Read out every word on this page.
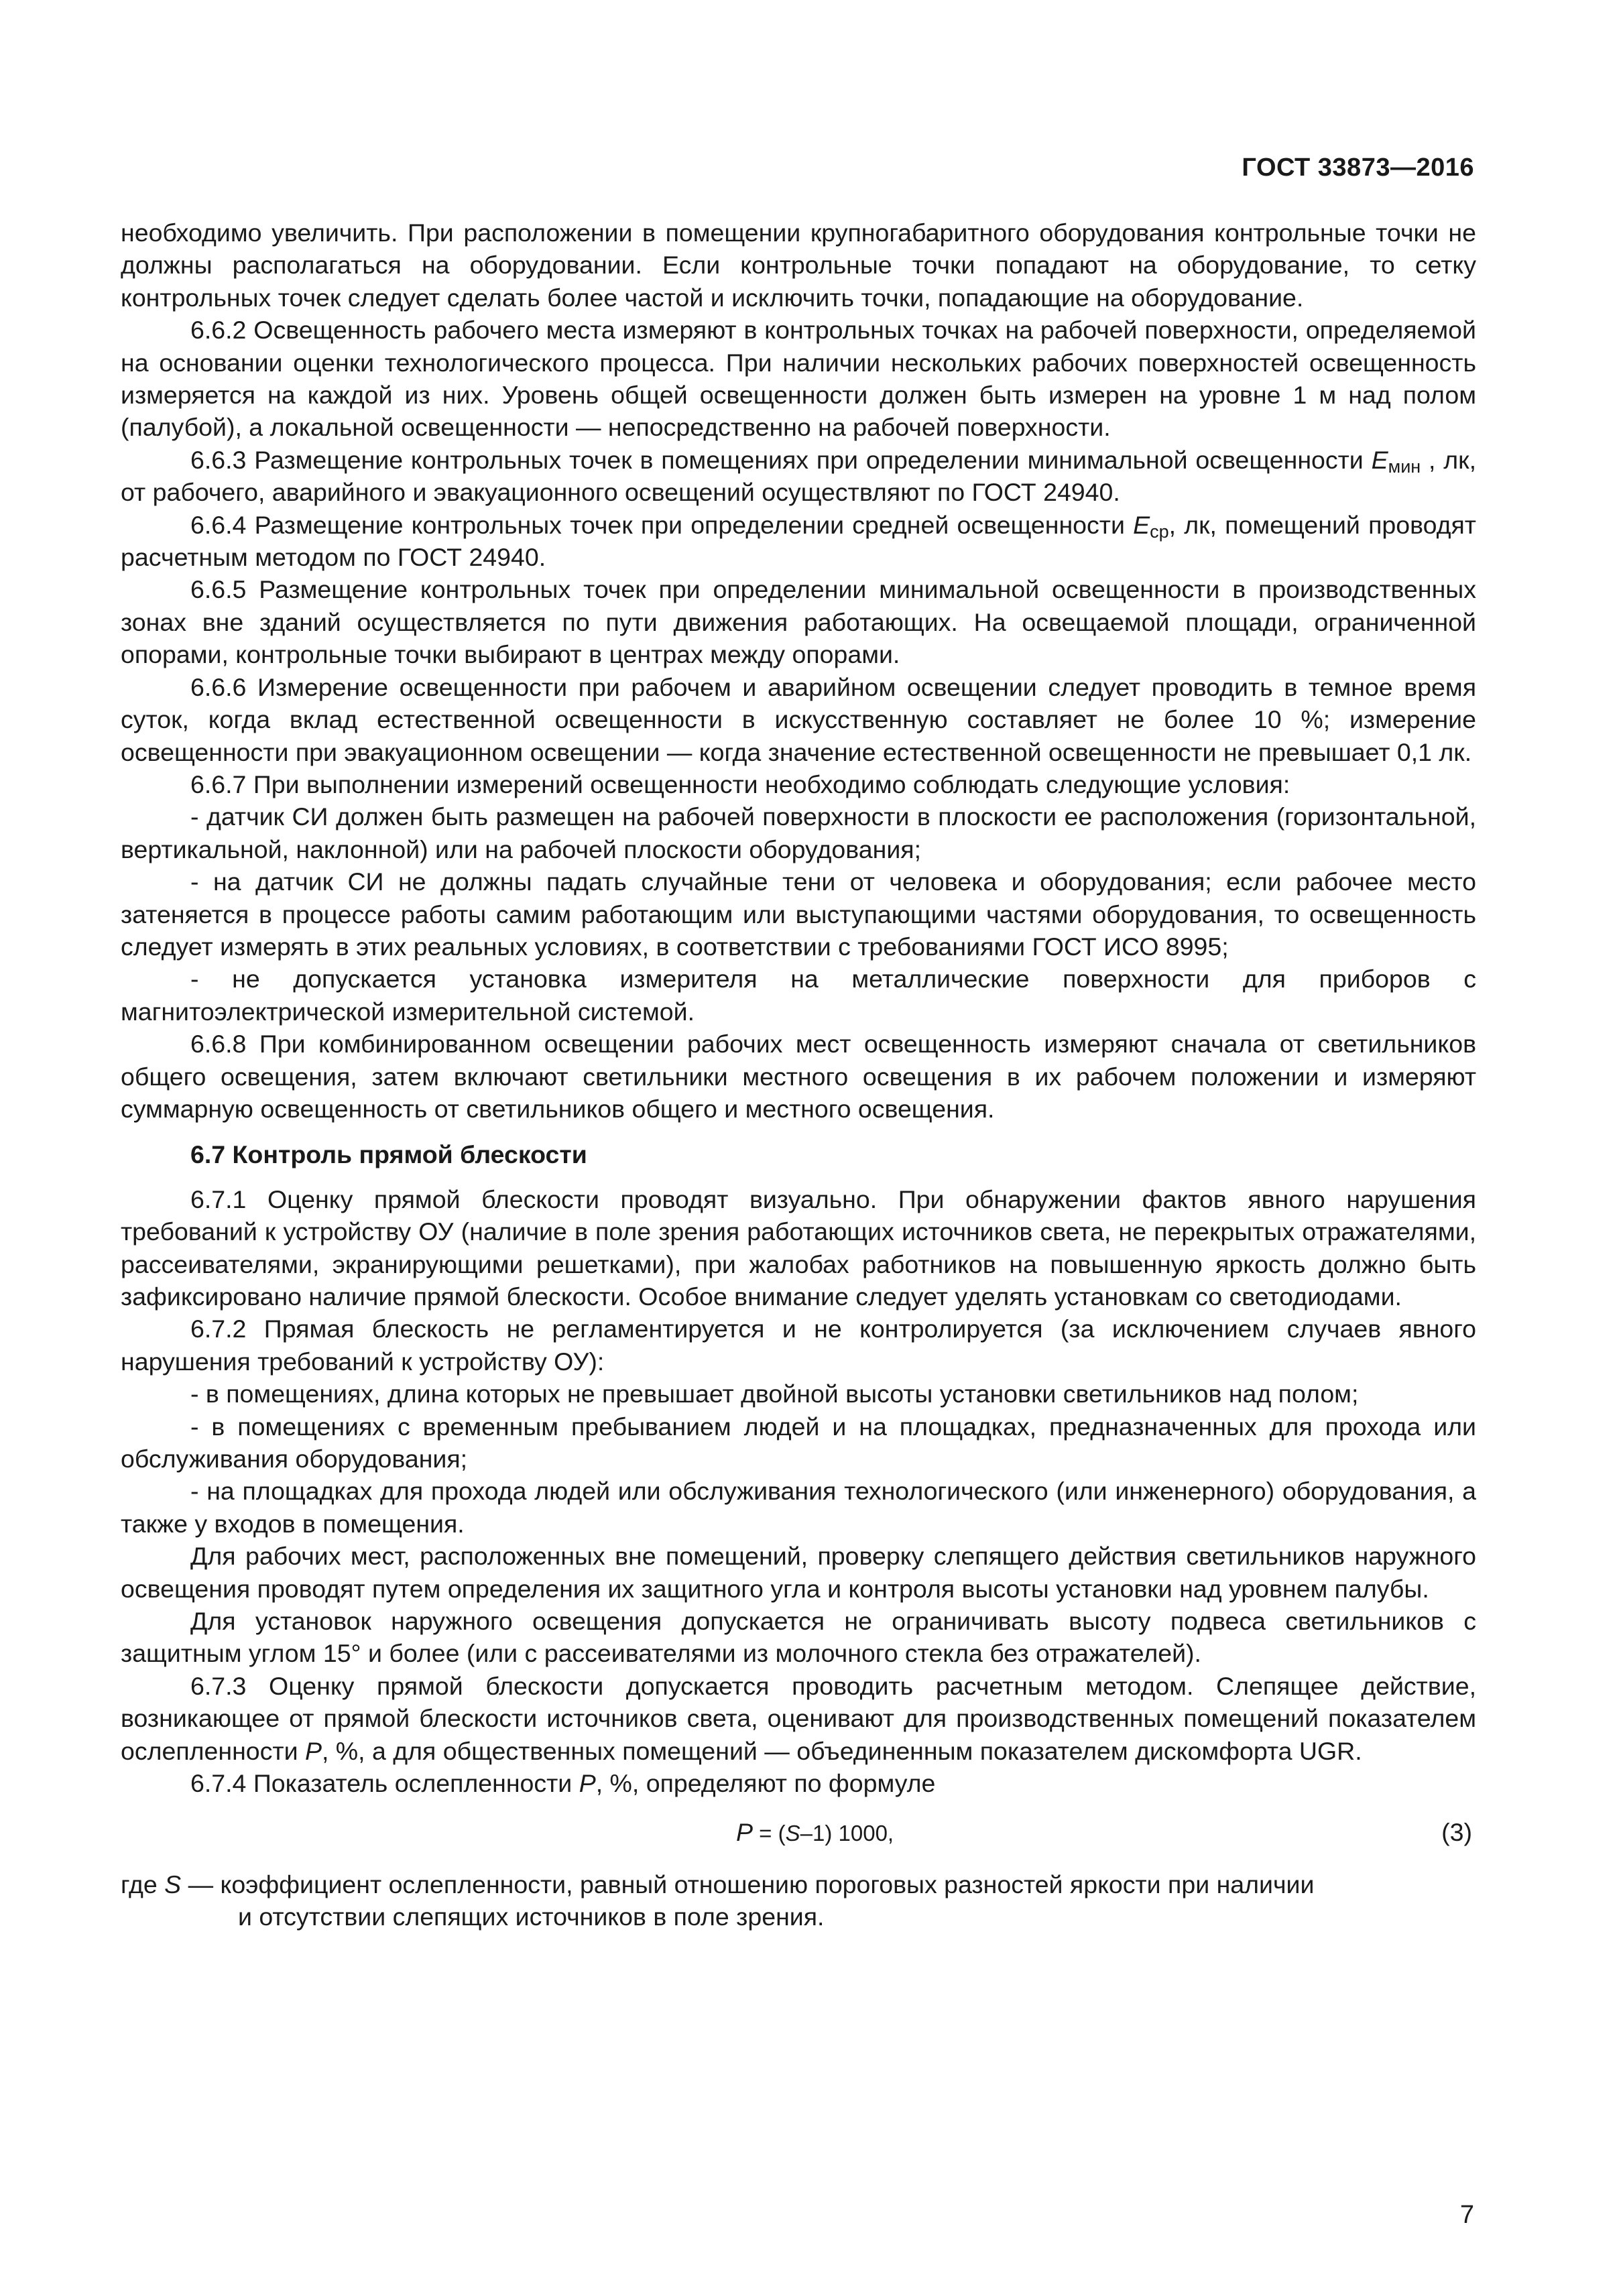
ГОСТ 33873—2016

необходимо увеличить. При расположении в помещении крупногабаритного оборудования контрольные точки не должны располагаться на оборудовании. Если контрольные точки попадают на оборудование, то сетку контрольных точек следует сделать более частой и исключить точки, попадающие на оборудование.

6.6.2 Освещенность рабочего места измеряют в контрольных точках на рабочей поверхности, определяемой на основании оценки технологического процесса. При наличии нескольких рабочих поверхностей освещенность измеряется на каждой из них. Уровень общей освещенности должен быть измерен на уровне 1 м над полом (палубой), а локальной освещенности — непосредственно на рабочей поверхности.

6.6.3 Размещение контрольных точек в помещениях при определении минимальной освещенности $E_{мин}$ , лк, от рабочего, аварийного и эвакуационного освещений осуществляют по ГОСТ 24940.

6.6.4 Размещение контрольных точек при определении средней освещенности $E_{ср}$, лк, помещений проводят расчетным методом по ГОСТ 24940.

6.6.5 Размещение контрольных точек при определении минимальной освещенности в производственных зонах вне зданий осуществляется по пути движения работающих. На освещаемой площади, ограниченной опорами, контрольные точки выбирают в центрах между опорами.

6.6.6 Измерение освещенности при рабочем и аварийном освещении следует проводить в темное время суток, когда вклад естественной освещенности в искусственную составляет не более 10 %; измерение освещенности при эвакуационном освещении — когда значение естественной освещенности не превышает 0,1 лк.

6.6.7 При выполнении измерений освещенности необходимо соблюдать следующие условия:

- датчик СИ должен быть размещен на рабочей поверхности в плоскости ее расположения (горизонтальной, вертикальной, наклонной) или на рабочей плоскости оборудования;

- на датчик СИ не должны падать случайные тени от человека и оборудования; если рабочее место затеняется в процессе работы самим работающим или выступающими частями оборудования, то освещенность следует измерять в этих реальных условиях, в соответствии с требованиями ГОСТ ИСО 8995;

- не допускается установка измерителя на металлические поверхности для приборов с магнитоэлектрической измерительной системой.

6.6.8 При комбинированном освещении рабочих мест освещенность измеряют сначала от светильников общего освещения, затем включают светильники местного освещения в их рабочем положении и измеряют суммарную освещенность от светильников общего и местного освещения.

6.7 Контроль прямой блескости

6.7.1 Оценку прямой блескости проводят визуально. При обнаружении фактов явного нарушения требований к устройству ОУ (наличие в поле зрения работающих источников света, не перекрытых отражателями, рассеивателями, экранирующими решетками), при жалобах работников на повышенную яркость должно быть зафиксировано наличие прямой блескости. Особое внимание следует уделять установкам со светодиодами.

6.7.2 Прямая блескость не регламентируется и не контролируется (за исключением случаев явного нарушения требований к устройству ОУ):

- в помещениях, длина которых не превышает двойной высоты установки светильников над полом;

- в помещениях с временным пребыванием людей и на площадках, предназначенных для прохода или обслуживания оборудования;

- на площадках для прохода людей или обслуживания технологического (или инженерного) оборудования, а также у входов в помещения.

Для рабочих мест, расположенных вне помещений, проверку слепящего действия светильников наружного освещения проводят путем определения их защитного угла и контроля высоты установки над уровнем палубы.

Для установок наружного освещения допускается не ограничивать высоту подвеса светильников с защитным углом 15° и более (или с рассеивателями из молочного стекла без отражателей).

6.7.3 Оценку прямой блескости допускается проводить расчетным методом. Слепящее действие, возникающее от прямой блескости источников света, оценивают для производственных помещений показателем ослепленности P, %, а для общественных помещений — объединенным показателем дискомфорта UGR.

6.7.4 Показатель ослепленности P, %, определяют по формуле

P = (S–1) 1000,	(3)
где S — коэффициент ослепленности, равный отношению пороговых разностей яркости при наличии

и отсутствии слепящих источников в поле зрения.

7
